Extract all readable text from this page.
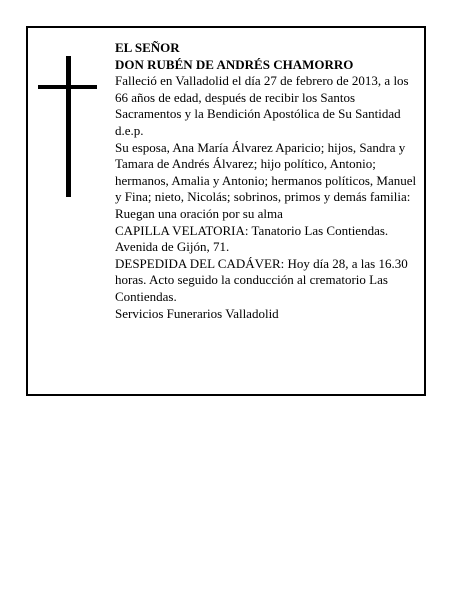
EL SEÑOR

DON RUBÉN DE ANDRÉS CHAMORRO

Falleció en Valladolid el día 27 de febrero de 2013, a los 66 años de edad, después de recibir los Santos Sacramentos y la Bendición Apostólica de Su Santidad d.e.p.

Su esposa, Ana María Álvarez Aparicio; hijos, Sandra y Tamara de Andrés Álvarez; hijo político, Antonio; hermanos, Amalia y Antonio; hermanos políticos, Manuel y Fina; nieto, Nicolás; sobrinos, primos y demás familia:

Ruegan una oración por su alma

CAPILLA VELATORIA: Tanatorio Las Contiendas. Avenida de Gijón, 71.

DESPEDIDA DEL CADÁVER: Hoy día 28, a las 16.30 horas. Acto seguido la conducción al crematorio Las Contiendas.

Servicios Funerarios Valladolid
